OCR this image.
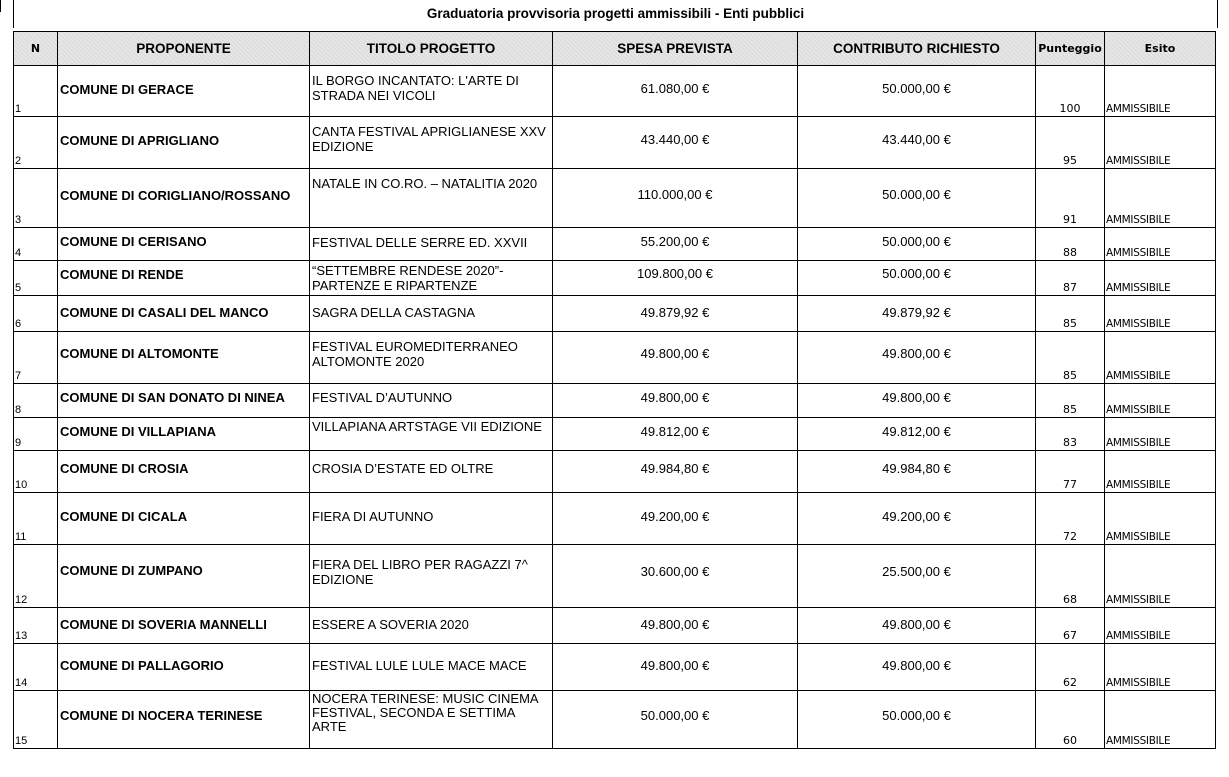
Graduatoria provvisoria progetti ammissibili - Enti pubblici
N	PROPONENTE	TITOLO PROGETTO	SPESA PREVISTA	CONTRIBUTO RICHIESTO	Punteggio	Esito
1	COMUNE DI GERACE	IL BORGO INCANTATO: L'ARTE DI STRADA NEI VICOLI	61.080,00 €	50.000,00 €	100	AMMISSIBILE
2	COMUNE DI APRIGLIANO	CANTA FESTIVAL APRIGLIANESE XXV EDIZIONE	43.440,00 €	43.440,00 €	95	AMMISSIBILE
3	COMUNE DI CORIGLIANO/ROSSANO	NATALE IN CO.RO. – NATALITIA 2020	110.000,00 €	50.000,00 €	91	AMMISSIBILE
4	COMUNE DI CERISANO	FESTIVAL DELLE SERRE ED. XXVII	55.200,00 €	50.000,00 €	88	AMMISSIBILE
5	COMUNE DI RENDE	“SETTEMBRE RENDESE 2020”- PARTENZE E RIPARTENZE	109.800,00 €	50.000,00 €	87	AMMISSIBILE
6	COMUNE DI CASALI DEL MANCO	SAGRA DELLA CASTAGNA	49.879,92 €	49.879,92 €	85	AMMISSIBILE
7	COMUNE DI ALTOMONTE	FESTIVAL EUROMEDITERRANEO ALTOMONTE 2020	49.800,00 €	49.800,00 €	85	AMMISSIBILE
8	COMUNE DI SAN DONATO DI NINEA	FESTIVAL D’AUTUNNO	49.800,00 €	49.800,00 €	85	AMMISSIBILE
9	COMUNE DI VILLAPIANA	VILLAPIANA ARTSTAGE VII EDIZIONE	49.812,00 €	49.812,00 €	83	AMMISSIBILE
10	COMUNE DI CROSIA	CROSIA D’ESTATE ED OLTRE	49.984,80 €	49.984,80 €	77	AMMISSIBILE
11	COMUNE DI CICALA	FIERA DI AUTUNNO	49.200,00 €	49.200,00 €	72	AMMISSIBILE
12	COMUNE DI ZUMPANO	FIERA DEL LIBRO PER RAGAZZI 7^ EDIZIONE	30.600,00 €	25.500,00 €	68	AMMISSIBILE
13	COMUNE DI SOVERIA MANNELLI	ESSERE A SOVERIA 2020	49.800,00 €	49.800,00 €	67	AMMISSIBILE
14	COMUNE DI PALLAGORIO	FESTIVAL LULE LULE MACE MACE	49.800,00 €	49.800,00 €	62	AMMISSIBILE
15	COMUNE DI NOCERA TERINESE	NOCERA TERINESE: MUSIC CINEMA FESTIVAL, SECONDA E SETTIMA ARTE	50.000,00 €	50.000,00 €	60	AMMISSIBILE
